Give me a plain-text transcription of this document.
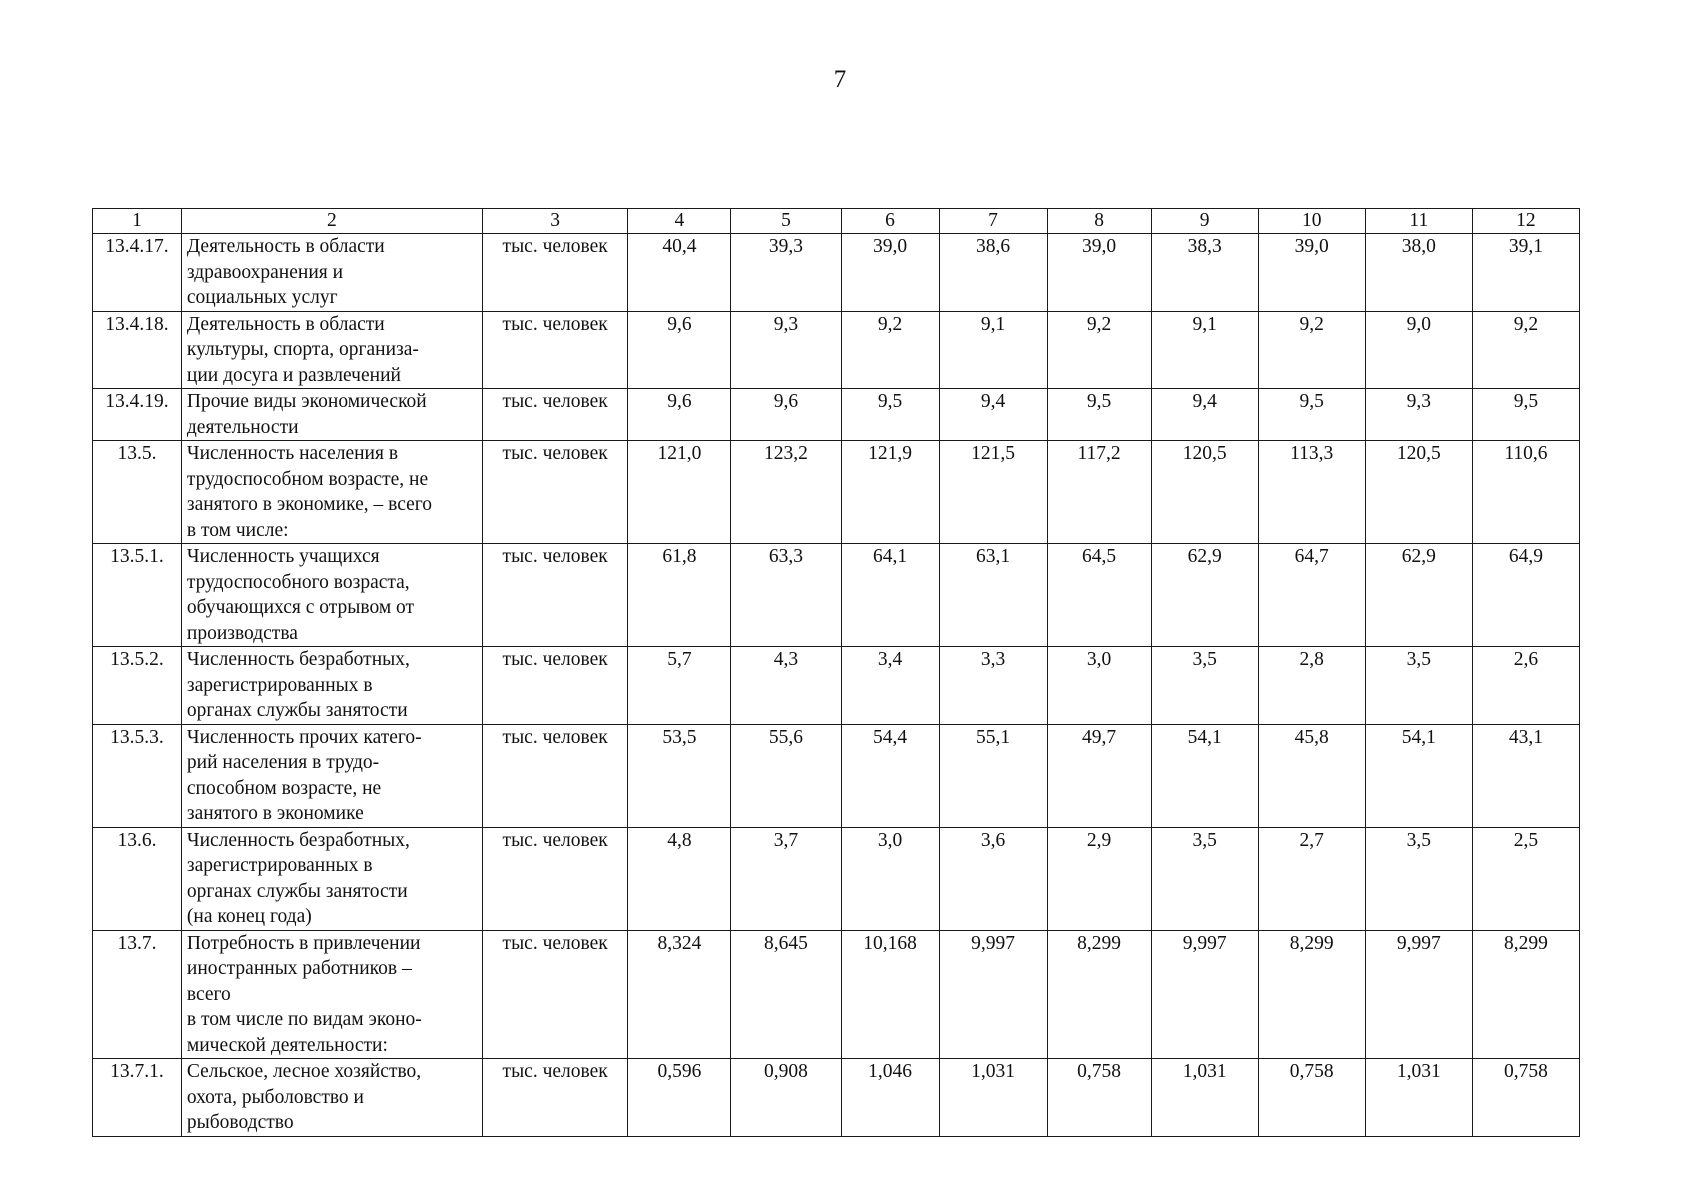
7
1	2	3	4	5	6	7	8	9	10	11	12
13.4.17.	Деятельность в области
здравоохранения и
социальных услуг	тыс. человек	40,4	39,3	39,0	38,6	39,0	38,3	39,0	38,0	39,1
13.4.18.	Деятельность в области
культуры, спорта, организа-
ции досуга и развлечений	тыс. человек	9,6	9,3	9,2	9,1	9,2	9,1	9,2	9,0	9,2
13.4.19.	Прочие виды экономической
деятельности	тыс. человек	9,6	9,6	9,5	9,4	9,5	9,4	9,5	9,3	9,5
13.5.	Численность населения в
трудоспособном возрасте, не
занятого в экономике, – всего
в том числе:	тыс. человек	121,0	123,2	121,9	121,5	117,2	120,5	113,3	120,5	110,6
13.5.1.	Численность учащихся
трудоспособного возраста,
обучающихся с отрывом от
производства	тыс. человек	61,8	63,3	64,1	63,1	64,5	62,9	64,7	62,9	64,9
13.5.2.	Численность безработных,
зарегистрированных в
органах службы занятости	тыс. человек	5,7	4,3	3,4	3,3	3,0	3,5	2,8	3,5	2,6
13.5.3.	Численность прочих катего-
рий населения в трудо-
способном возрасте, не
занятого в экономике	тыс. человек	53,5	55,6	54,4	55,1	49,7	54,1	45,8	54,1	43,1
13.6.	Численность безработных,
зарегистрированных в
органах службы занятости
(на конец года)	тыс. человек	4,8	3,7	3,0	3,6	2,9	3,5	2,7	3,5	2,5
13.7.	Потребность в привлечении
иностранных работников –
всего
в том числе по видам эконо-
мической деятельности:	тыс. человек	8,324	8,645	10,168	9,997	8,299	9,997	8,299	9,997	8,299
13.7.1.	Сельское, лесное хозяйство,
охота, рыболовство и
рыбоводство	тыс. человек	0,596	0,908	1,046	1,031	0,758	1,031	0,758	1,031	0,758
